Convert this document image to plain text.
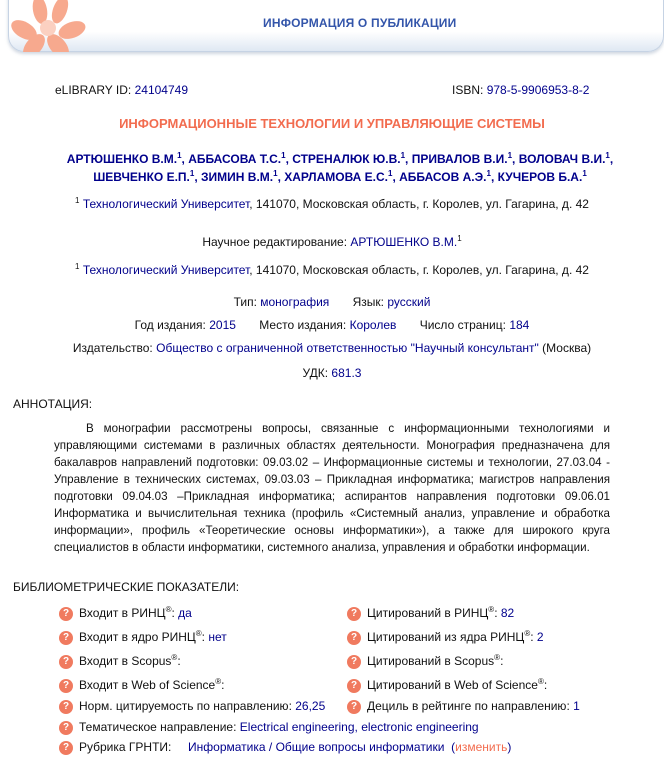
ИНФОРМАЦИЯ О ПУБЛИКАЦИИ
eLIBRARY ID: 24104749	ISBN: 978-5-9906953-8-2
ИНФОРМАЦИОННЫЕ ТЕХНОЛОГИИ И УПРАВЛЯЮЩИЕ СИСТЕМЫ
АРТЮШЕНКО В.М.$^1$, АББАСОВА Т.С.$^1$, СТРЕНАЛЮК Ю.В.$^1$, ПРИВАЛОВ В.И.$^1$, ВОЛОВАЧ В.И.$^1$,
ШЕВЧЕНКО Е.П.$^1$, ЗИМИН В.М.$^1$, ХАРЛАМОВА Е.С.$^1$, АББАСОВ А.Э.$^1$, КУЧЕРОВ Б.А.$^1$
$^1$ Технологический Университет, 141070, Московская область, г. Королев, ул. Гагарина, д. 42
Научное редактирование: АРТЮШЕНКО В.М.$^1$
$^1$ Технологический Университет, 141070, Московская область, г. Королев, ул. Гагарина, д. 42
Тип: монография Язык: русский
Год издания: 2015 Место издания: Королев Число страниц: 184
Издательство: Общество с ограниченной ответственностью "Научный консультант" (Москва)
УДК: 681.3
АННОТАЦИЯ:
В монографии рассмотрены вопросы, связанные с информационными технологиями и управляющими системами в различных областях деятельности. Монография предназначена для бакалавров направлений подготовки: 09.03.02 – Информационные системы и технологии, 27.03.04 - Управление в технических системах, 09.03.03 – Прикладная информатика; магистров направления подготовки 09.04.03 –Прикладная информатика; аспирантов направления подготовки 09.06.01 Информатика и вычислительная техника (профиль «Системный анализ, управление и обработка информации», профиль «Теоретические основы информатики»), а также для широкого круга специалистов в области информатики, системного анализа, управления и обработки информации.
БИБЛИОМЕТРИЧЕСКИЕ ПОКАЗАТЕЛИ:
? Входит в РИНЦ®: да
? Входит в ядро РИНЦ®: нет
? Входит в Scopus®:
? Входит в Web of Science®:
? Норм. цитируемость по направлению: 26,25
? Цитирований в РИНЦ®: 82
? Цитирований из ядра РИНЦ®: 2
? Цитирований в Scopus®:
? Цитирований в Web of Science®:
? Дециль в рейтинге по направлению: 1
? Тематическое направление: Electrical engineering, electronic engineering
? Рубрика ГРНТИ: Информатика / Общие вопросы информатики (изменить)
